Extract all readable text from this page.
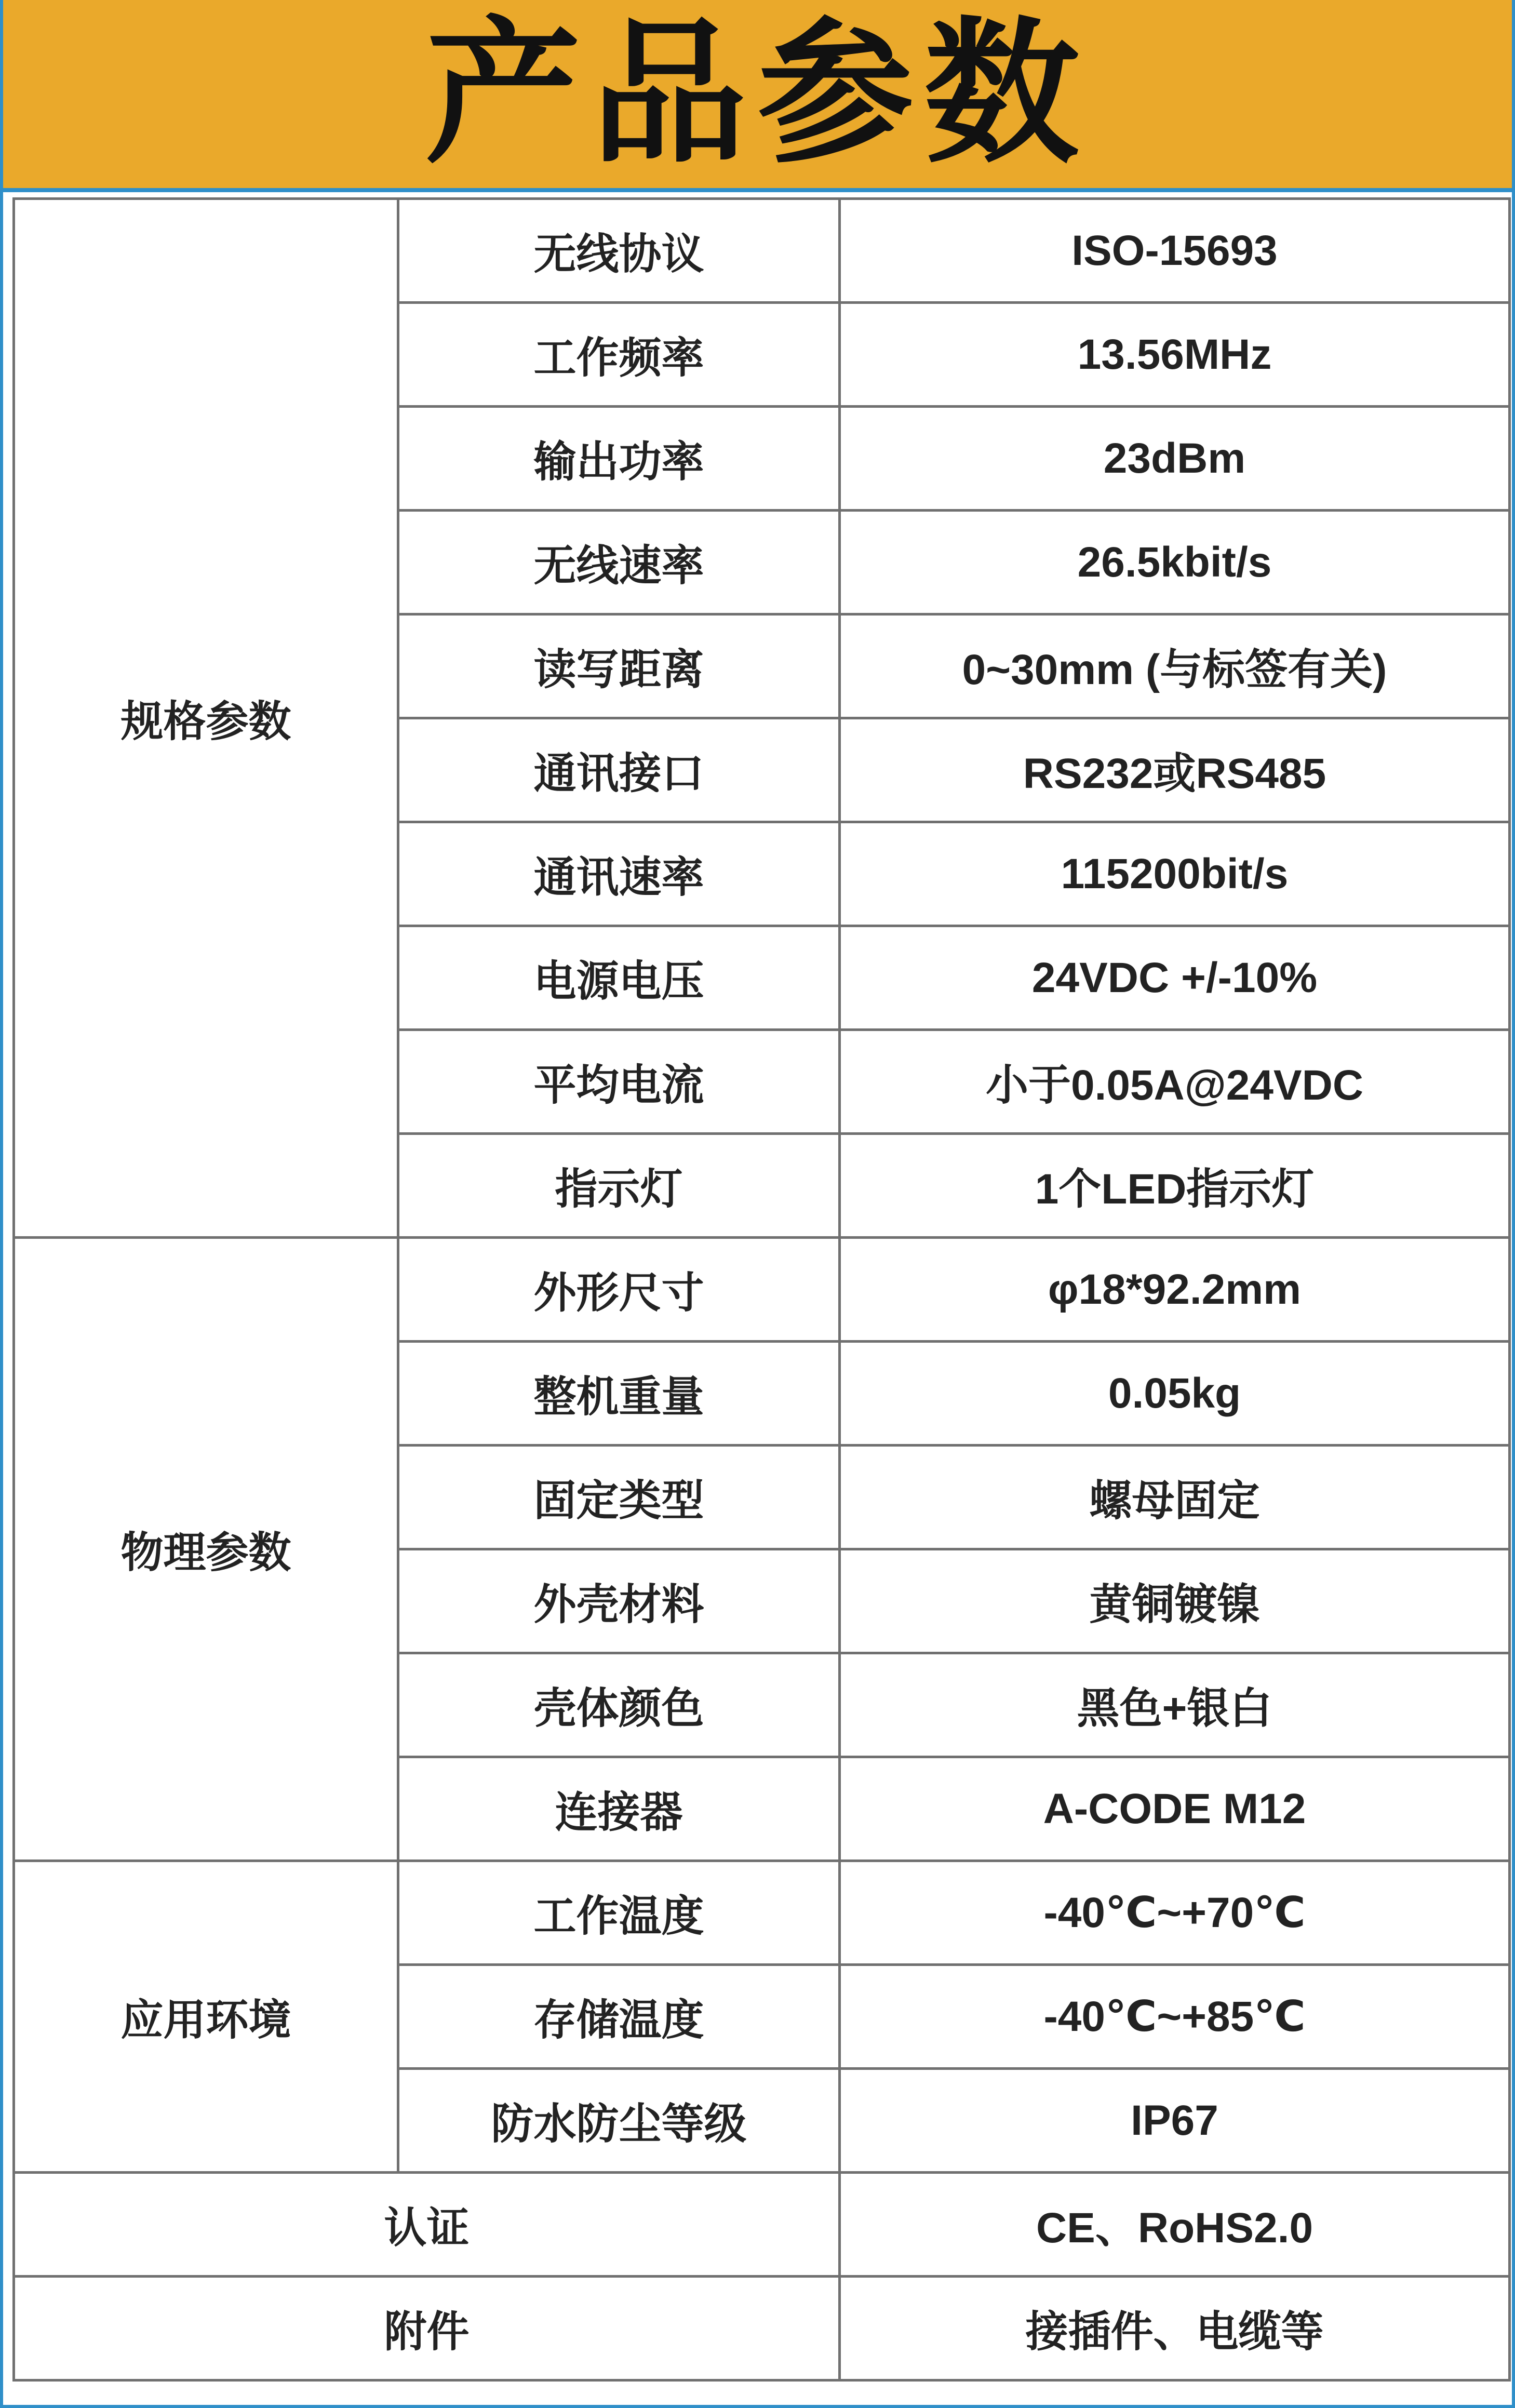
产品参数
规格参数	无线协议	ISO-15693
	工作频率	13.56MHz
	输出功率	23dBm
	无线速率	26.5kbit/s
	读写距离	0~30mm (与标签有关)
	通讯接口	RS232或RS485
	通讯速率	115200bit/s
	电源电压	24VDC +/-10%
	平均电流	小于0.05A@24VDC
	指示灯	1个LED指示灯
物理参数	外形尺寸	φ18*92.2mm
	整机重量	0.05kg
	固定类型	螺母固定
	外壳材料	黄铜镀镍
	壳体颜色	黑色+银白
	连接器	A-CODE M12
应用环境	工作温度	-40℃~+70℃
	存储温度	-40℃~+85℃
	防水防尘等级	IP67
认证		CE、RoHS2.0
附件		接插件、电缆等
